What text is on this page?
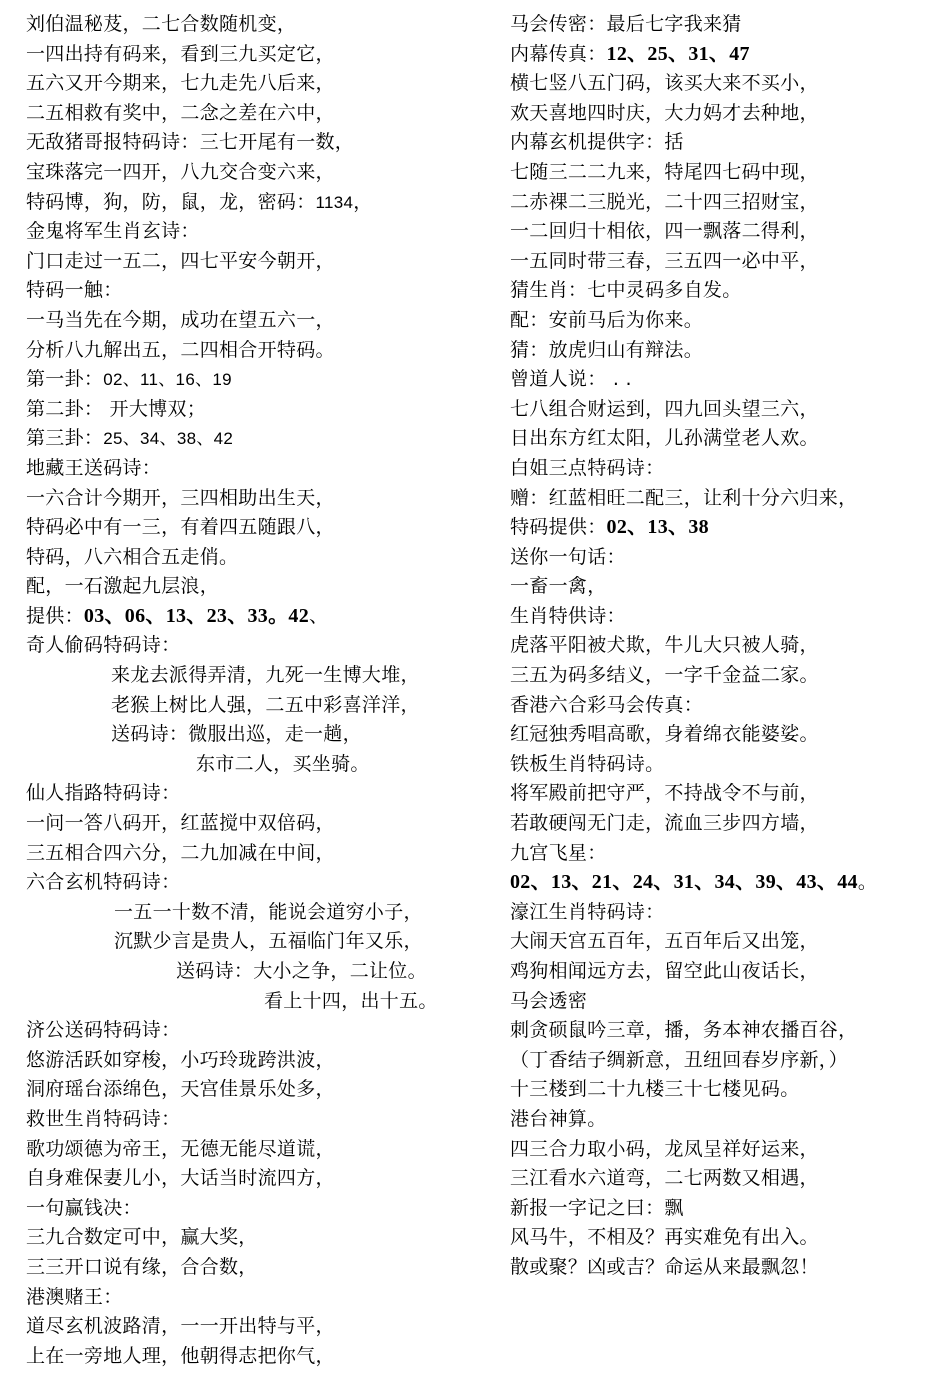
刘伯温秘芨，二七合数随机变，
一四出持有码来，看到三九买定它，
五六又开今期来，七九走先八后来，
二五相救有奖中，二念之差在六中，
无敌猪哥报特码诗：三七开尾有一数，
宝珠落完一四开，八九交合变六来，
特码博，狗，防，鼠，龙，密码：1134，
金鬼将军生肖玄诗：
门口走过一五二，四七平安今朝开，
特码一触：
一马当先在今期，成功在望五六一，
分析八九解出五，二四相合开特码。
第一卦：02、11、16、19
第二卦： 开大博双；
第三卦：25、34、38、42
地藏王送码诗：
一六合计今期开，三四相助出生天，
特码必中有一三，有着四五随跟八，
特码，八六相合五走俏。
配，一石激起九层浪，
提供：03、06、13、23、33。42、
奇人偷码特码诗：
来龙去派得弄清，九死一生博大堆，
老猴上树比人强，二五中彩喜洋洋，
送码诗：微服出巡，走一趟，
东市二人，买坐骑。
仙人指路特码诗：
一问一答八码开，红蓝搅中双倍码，
三五相合四六分，二九加减在中间，
六合玄机特码诗：
一五一十数不清，能说会道穷小子，
沉默少言是贵人，五福临门年又乐，
送码诗：大小之争，二让位。
看上十四，出十五。
济公送码特码诗：
悠游活跃如穿梭，小巧玲珑跨洪波，
洞府瑶台添绵色，天宫佳景乐处多，
救世生肖特码诗：
歌功颂德为帝王，无德无能尽道谎，
自身难保妻儿小，大话当时流四方，
一句赢钱决：
三九合数定可中，赢大奖，
三三开口说有缘，合合数，
港澳赌王：
道尽玄机波路清，一一开出特与平，
上在一旁地人理，他朝得志把你气，
马会传密：最后七字我来猜
内幕传真：12、25、31、47
横七竖八五门码，该买大来不买小，
欢天喜地四时庆，大力妈才去种地，
内幕玄机提供字：括
七随三二二九来，特尾四七码中现，
二赤裸二三脱光，二十四三招财宝，
一二回归十相依，四一飘落二得利，
一五同时带三春，三五四一必中平，
猜生肖：七中灵码多自发。
配：安前马后为你来。
猜：放虎归山有辩法。
曾道人说： . .
七八组合财运到，四九回头望三六，
日出东方红太阳，儿孙满堂老人欢。
白姐三点特码诗：
赠：红蓝相旺二配三，让利十分六归来，
特码提供：02、13、38
送你一句话：
一畜一禽，
生肖特供诗：
虎落平阳被犬欺，牛儿大只被人骑，
三五为码多结义，一字千金益二家。
香港六合彩马会传真：
红冠独秀唱高歌，身着绵衣能婆娑。
铁板生肖特码诗。
将军殿前把守严，不持战令不与前，
若敢硬闯无门走，流血三步四方墙，
九宫飞星：
02、13、21、24、31、34、39、43、44。
濠江生肖特码诗：
大闹天宫五百年，五百年后又出笼，
鸡狗相闻远方去，留空此山夜话长，
马会透密
刺贪硕鼠吟三章，播，务本神农播百谷，
（丁香结子绸新意，丑纽回春岁序新，）
十三楼到二十九楼三十七楼见码。
港台神算。
四三合力取小码，龙凤呈祥好运来，
三江看水六道弯，二七两数又相遇，
新报一字记之曰：飘
风马牛，不相及？再实难免有出入。
散或聚？凶或吉？命运从来最飘忽！
